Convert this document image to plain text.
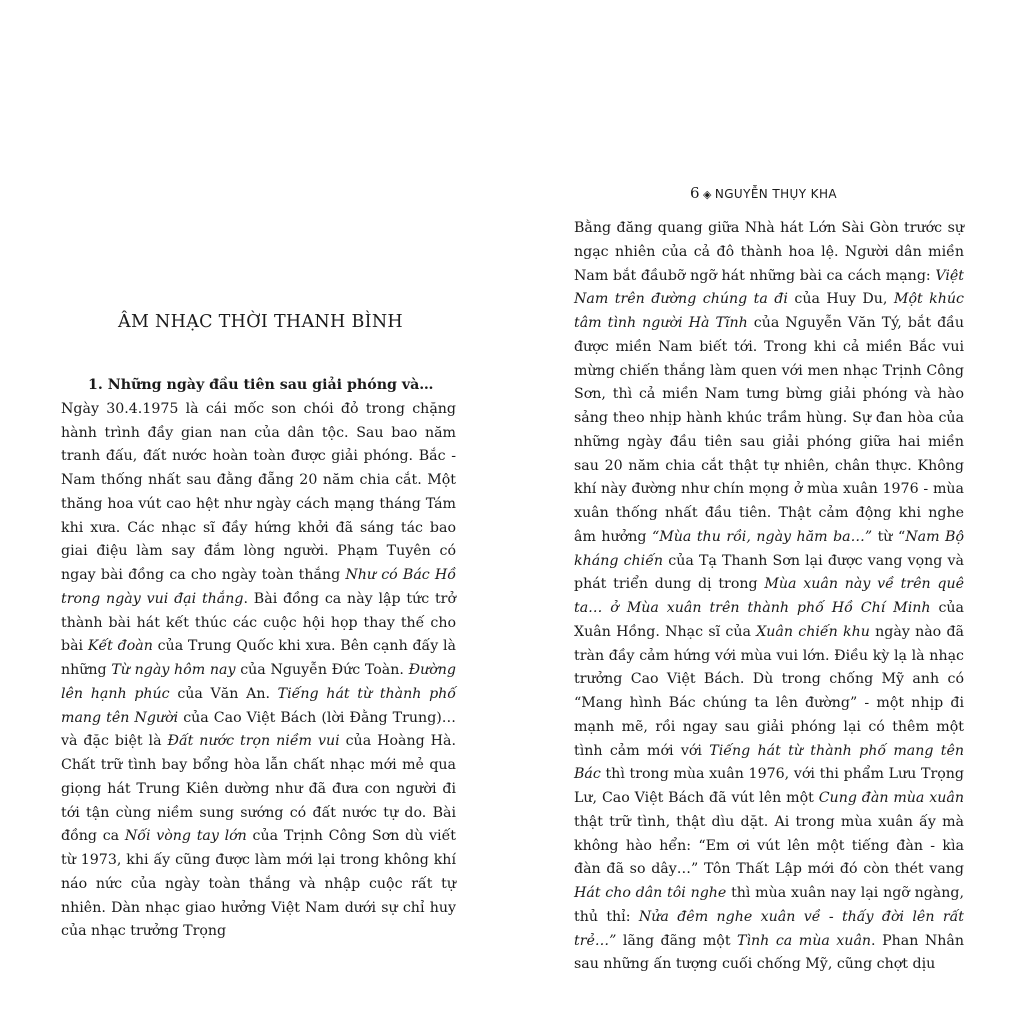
ÂM NHẠC THỜI THANH BÌNH
1. Những ngày đầu tiên sau giải phóng và…
Ngày 30.4.1975 là cái mốc son chói đỏ trong chặng hành trình đầy gian nan của dân tộc. Sau bao năm tranh đấu, đất nước hoàn toàn được giải phóng. Bắc - Nam thống nhất sau đằng đẵng 20 năm chia cắt. Một thăng hoa vút cao hệt như ngày cách mạng tháng Tám khi xưa. Các nhạc sĩ đầy hứng khởi đã sáng tác bao giai điệu làm say đắm lòng người. Phạm Tuyên có ngay bài đồng ca cho ngày toàn thắng Như có Bác Hồ trong ngày vui đại thắng. Bài đồng ca này lập tức trở thành bài hát kết thúc các cuộc hội họp thay thế cho bài Kết đoàn của Trung Quốc khi xưa. Bên cạnh đấy là những Từ ngày hôm nay của Nguyễn Đức Toàn. Đường lên hạnh phúc của Văn An. Tiếng hát từ thành phố mang tên Người của Cao Việt Bách (lời Đằng Trung)… và đặc biệt là Đất nước trọn niềm vui của Hoàng Hà. Chất trữ tình bay bổng hòa lẫn chất nhạc mới mẻ qua giọng hát Trung Kiên dường như đã đưa con người đi tới tận cùng niềm sung sướng có đất nước tự do. Bài đồng ca Nối vòng tay lớn của Trịnh Công Sơn dù viết từ 1973, khi ấy cũng được làm mới lại trong không khí náo nức của ngày toàn thắng và nhập cuộc rất tự nhiên. Dàn nhạc giao hưởng Việt Nam dưới sự chỉ huy của nhạc trưởng Trọng
6 ◈ NGUYỄN THỤY KHA
Bằng đăng quang giữa Nhà hát Lớn Sài Gòn trước sự ngạc nhiên của cả đô thành hoa lệ. Người dân miền Nam bắt đầubỡ ngỡ hát những bài ca cách mạng: Việt Nam trên đường chúng ta đi của Huy Du, Một khúc tâm tình người Hà Tĩnh của Nguyễn Văn Tý, bắt đầu được miền Nam biết tới. Trong khi cả miền Bắc vui mừng chiến thắng làm quen với men nhạc Trịnh Công Sơn, thì cả miền Nam tưng bừng giải phóng và hào sảng theo nhịp hành khúc trầm hùng. Sự đan hòa của những ngày đầu tiên sau giải phóng giữa hai miền sau 20 năm chia cắt thật tự nhiên, chân thực. Không khí này đường như chín mọng ở mùa xuân 1976 - mùa xuân thống nhất đầu tiên. Thật cảm động khi nghe âm hưởng “Mùa thu rồi, ngày hăm ba…” từ “Nam Bộ kháng chiến của Tạ Thanh Sơn lại được vang vọng và phát triển dung dị trong Mùa xuân này về trên quê ta… ở Mùa xuân trên thành phố Hồ Chí Minh của Xuân Hồng. Nhạc sĩ của Xuân chiến khu ngày nào đã tràn đầy cảm hứng với mùa vui lớn. Điều kỳ lạ là nhạc trưởng Cao Việt Bách. Dù trong chống Mỹ anh có “Mang hình Bác chúng ta lên đường” - một nhịp đi mạnh mẽ, rồi ngay sau giải phóng lại có thêm một tình cảm mới với Tiếng hát từ thành phố mang tên Bác thì trong mùa xuân 1976, với thi phẩm Lưu Trọng Lư, Cao Việt Bách đã vút lên một Cung đàn mùa xuân thật trữ tình, thật dìu dặt. Ai trong mùa xuân ấy mà không hào hển: “Em ơi vút lên một tiếng đàn - kìa đàn đã so dây…” Tôn Thất Lập mới đó còn thét vang Hát cho dân tôi nghe thì mùa xuân nay lại ngỡ ngàng, thủ thỉ: Nửa đêm nghe xuân về - thấy đời lên rất trẻ…” lãng đãng một Tình ca mùa xuân. Phan Nhân sau những ấn tượng cuối chống Mỹ, cũng chợt dịu
